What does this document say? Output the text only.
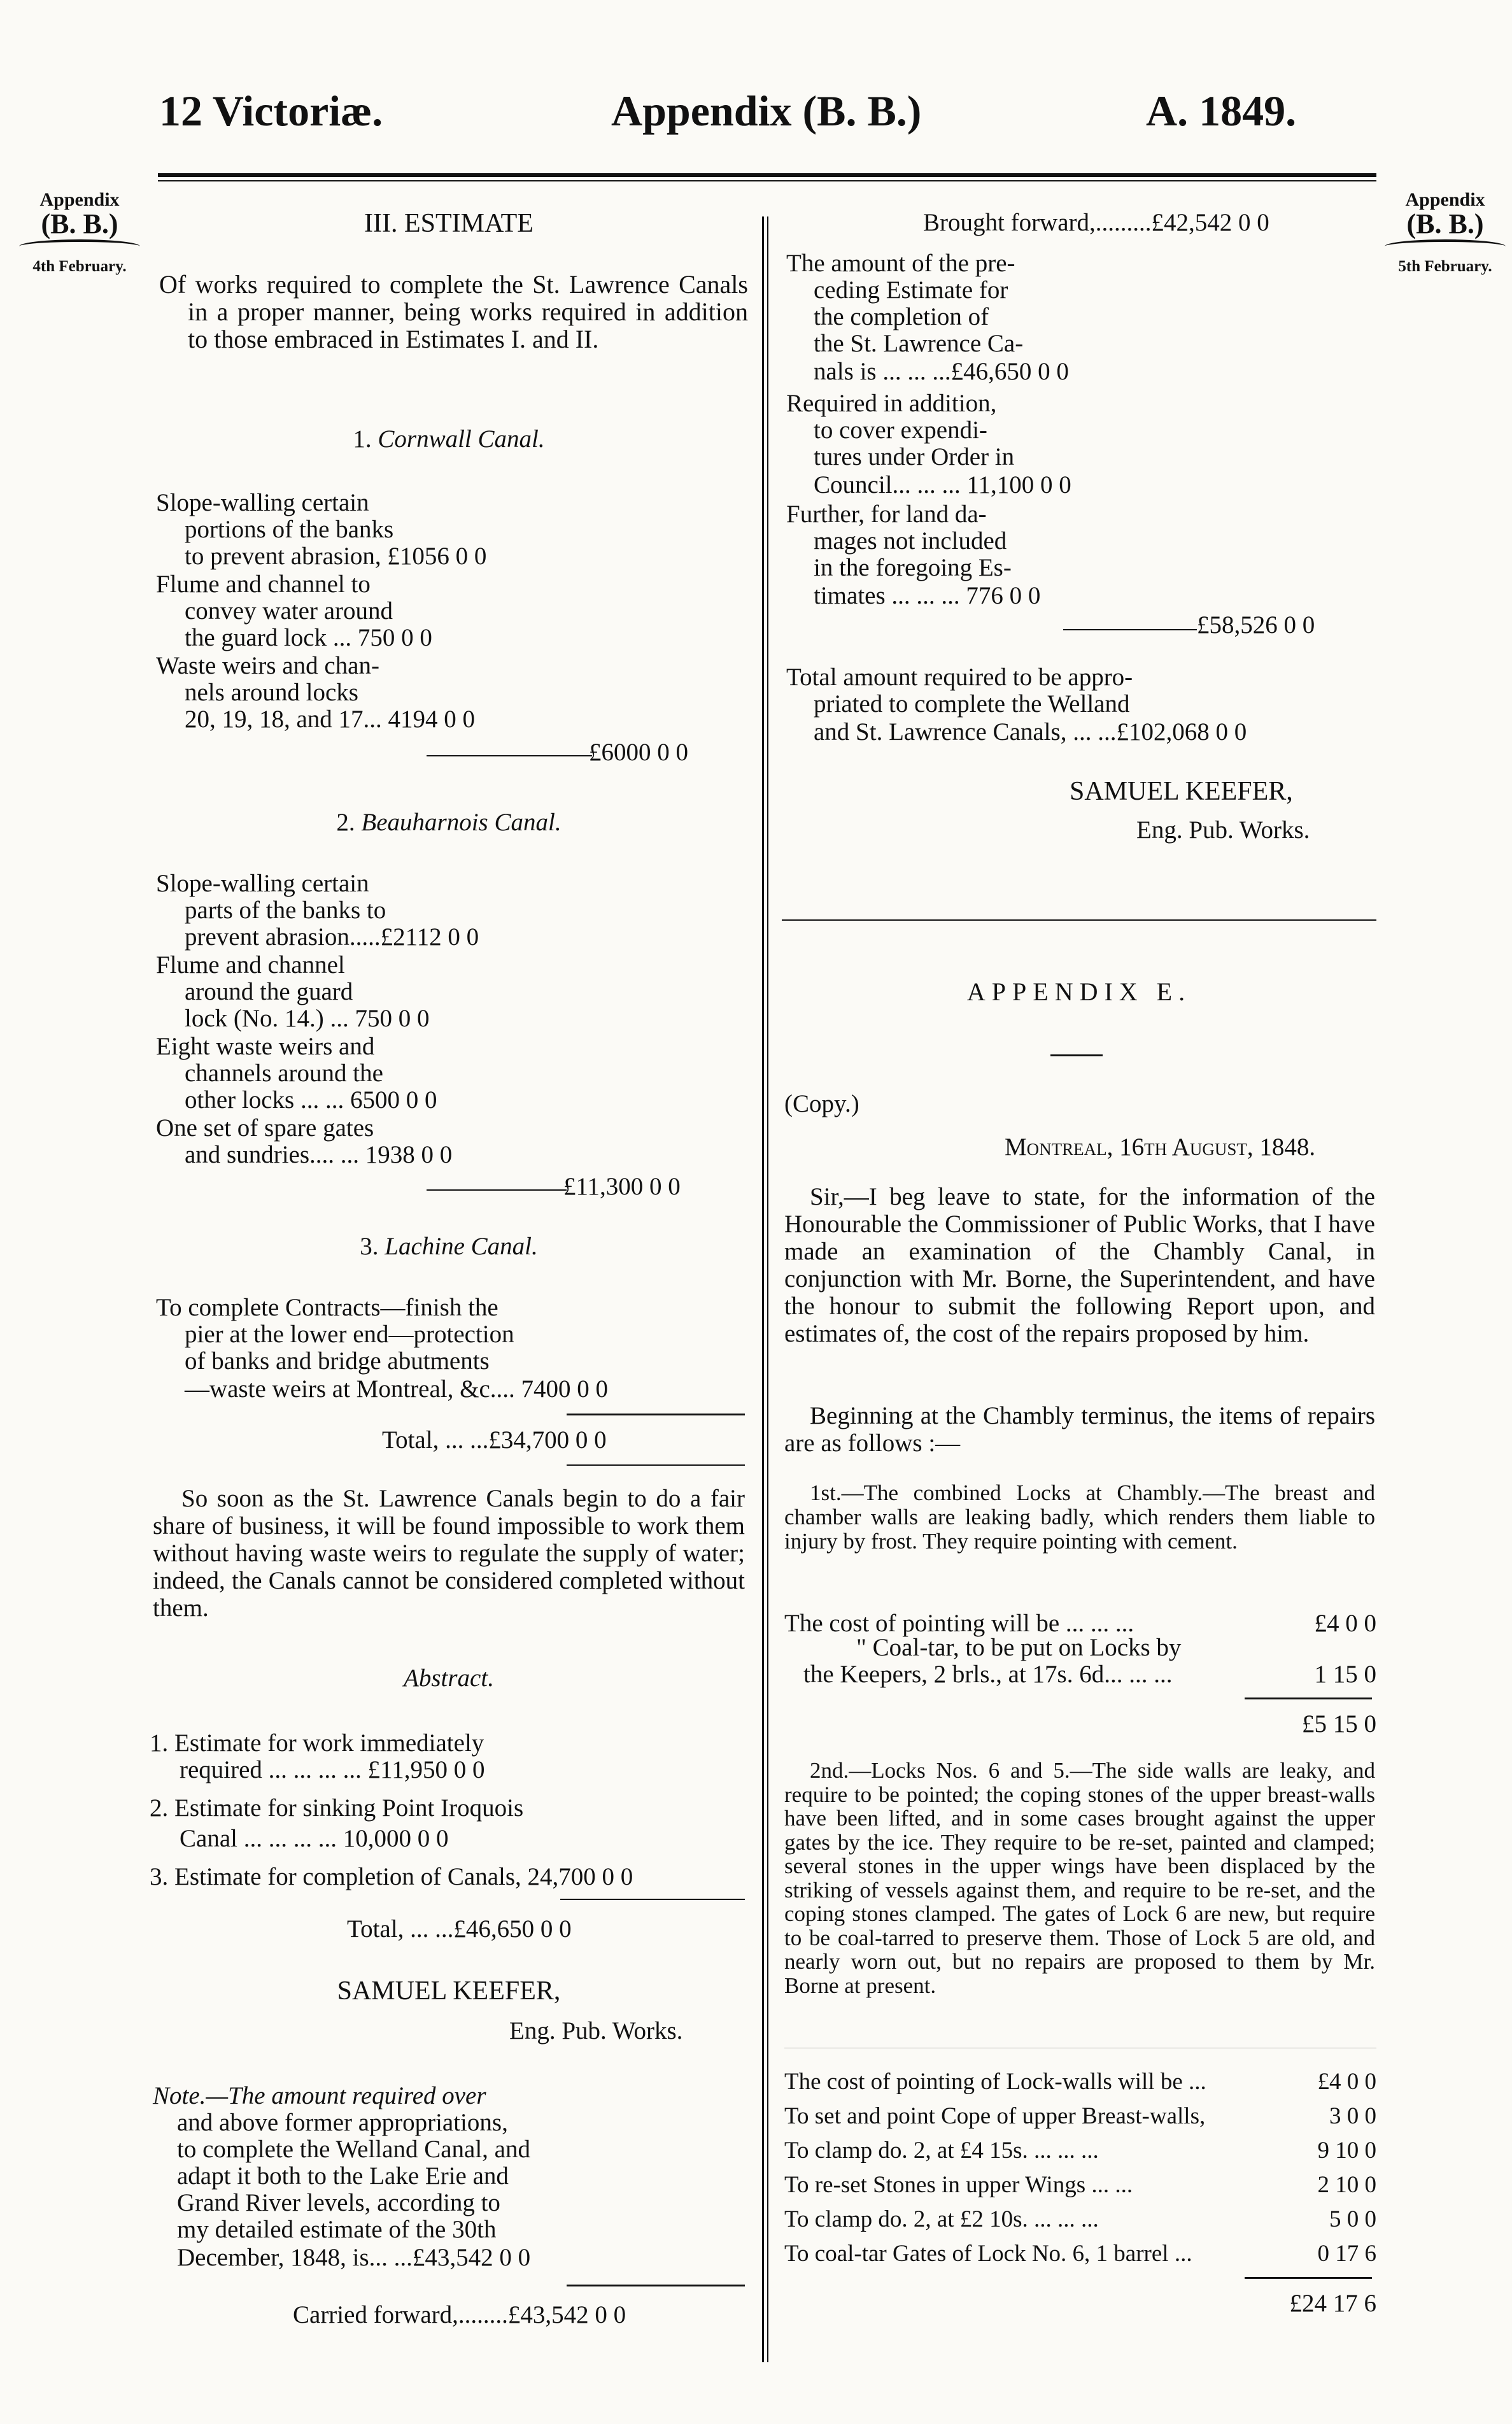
12 Victoriæ.	Appendix (B. B.)	A. 1849.
Appendix
(B. B.)
4th February.
Appendix
(B. B.)
5th February.
III. ESTIMATE
Of works required to complete the St. Lawrence Canals in a proper manner, being works required in addition to those embraced in Estimates I. and II.
1. Cornwall Canal.
Slope-walling certain
portions of the banks
to prevent abrasion, £1056 0 0
Flume and channel to
convey water around
the guard lock ... 750 0 0
Waste weirs and chan-
nels around locks
20, 19, 18, and 17... 4194 0 0
£6000 0 0
2. Beauharnois Canal.
Slope-walling certain
parts of the banks to
prevent abrasion.....£2112 0 0
Flume and channel
around the guard
lock (No. 14.) ... 750 0 0
Eight waste weirs and
channels around the
other locks ... ... 6500 0 0
One set of spare gates
and sundries.... ... 1938 0 0
£11,300 0 0
3. Lachine Canal.
To complete Contracts—finish the
pier at the lower end—protection
of banks and bridge abutments
—waste weirs at Montreal, &c.... 7400 0 0
Total, ... ...£34,700 0 0
So soon as the St. Lawrence Canals begin to do a fair share of business, it will be found impossible to work them without having waste weirs to regulate the supply of water; indeed, the Canals cannot be considered completed without them.
Abstract.
1. Estimate for work immediately
required ... ... ... ... £11,950 0 0
2. Estimate for sinking Point Iroquois
Canal ... ... ... ... 10,000 0 0
3. Estimate for completion of Canals, 24,700 0 0
Total, ... ...£46,650 0 0
SAMUEL KEEFER,
Eng. Pub. Works.
Note.—The amount required over
and above former appropriations,
to complete the Welland Canal, and
adapt it both to the Lake Erie and
Grand River levels, according to
my detailed estimate of the 30th
December, 1848, is... ...£43,542 0 0
Carried forward,........£43,542 0 0
Brought forward,.........£42,542 0 0
The amount of the pre-
ceding Estimate for
the completion of
the St. Lawrence Ca-
nals is ... ... ...£46,650 0 0
Required in addition,
to cover expendi-
tures under Order in
Council... ... ... 11,100 0 0
Further, for land da-
mages not included
in the foregoing Es-
timates ... ... ... 776 0 0
£58,526 0 0
Total amount required to be appro-
priated to complete the Welland
and St. Lawrence Canals, ... ...£102,068 0 0
SAMUEL KEEFER,
Eng. Pub. Works.
APPENDIX E.
(Copy.)
Montreal, 16th August, 1848.
Sir,—I beg leave to state, for the information of the Honourable the Commissioner of Public Works, that I have made an examination of the Chambly Canal, in conjunction with Mr. Borne, the Superintendent, and have the honour to submit the following Report upon, and estimates of, the cost of the repairs proposed by him.
Beginning at the Chambly terminus, the items of repairs are as follows :—
1st.—The combined Locks at Chambly.—The breast and chamber walls are leaking badly, which renders them liable to injury by frost. They require pointing with cement.
The cost of pointing will be ... ... ...	£4 0 0
" Coal-tar, to be put on Locks by
the Keepers, 2 brls., at 17s. 6d... ... ...	1 15 0
£5 15 0
2nd.—Locks Nos. 6 and 5.—The side walls are leaky, and require to be pointed; the coping stones of the upper breast-walls have been lifted, and in some cases brought against the upper gates by the ice. They require to be re-set, painted and clamped; several stones in the upper wings have been displaced by the striking of vessels against them, and require to be re-set, and the coping stones clamped. The gates of Lock 6 are new, but require to be coal-tarred to preserve them. Those of Lock 5 are old, and nearly worn out, but no repairs are proposed to them by Mr. Borne at present.
The cost of pointing of Lock-walls will be ...	£4 0 0
To set and point Cope of upper Breast-walls,	3 0 0
To clamp do. 2, at £4 15s. ... ... ...	9 10 0
To re-set Stones in upper Wings ... ...	2 10 0
To clamp do. 2, at £2 10s. ... ... ...	5 0 0
To coal-tar Gates of Lock No. 6, 1 barrel ...	0 17 6
£24 17 6
